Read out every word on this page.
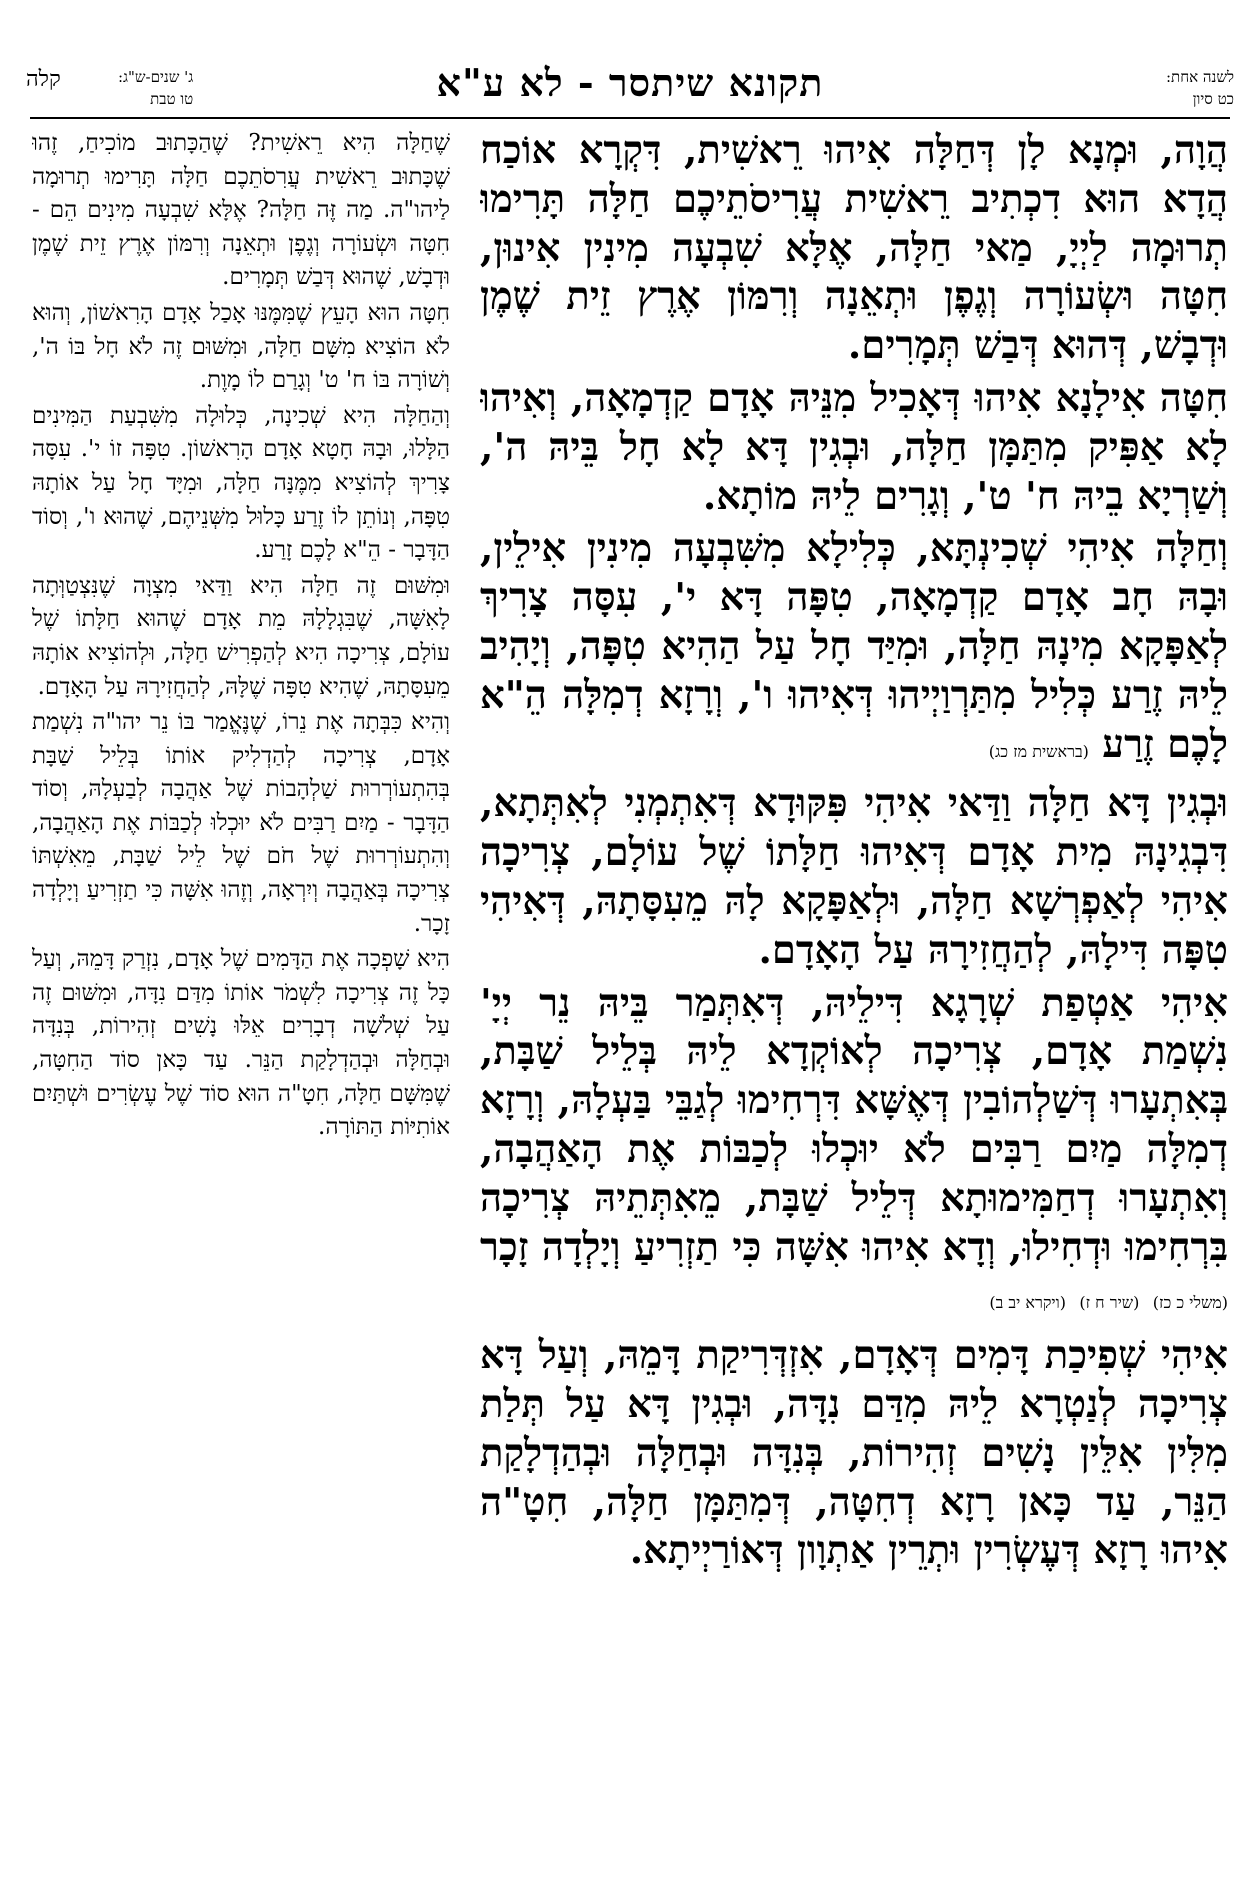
לשנה אחת:
כט סיון
תקונא שיתסר - לא ע"א
ג' שנים-ש"ג:
טו טבת
קלה

הֲוָה, וּמְנָא לָן דְּחַלָּה אִיהוּ רֵאשִׁית, דִּקְרָא אוֹכַח הֲדָא הוּא דִכְתִיב רֵאשִׁית עֲרִיסֹתֵיכֶם חַלָּה תָּרִימוּ תְרוּמָה לַיְיָ, מַאי חַלָּה, אֶלָּא שִׁבְעָה מִינִין אִינוּן, חִטָּה וּשְׂעוֹרָה וְגֶפֶן וּתְאֵנָה וְרִמּוֹן אֶרֶץ זֵית שֶׁמֶן וּדְבָשׁ, דְּהוּא דְּבַשׁ תְּמָרִים.

חִטָּה אִילָנָא אִיהוּ דְּאָכִיל מִנֵּיהּ אָדָם קַדְמָאָה, וְאִיהוּ לָא אַפִּיק מִתַּמָּן חַלָּה, וּבְגִין דָּא לָא חָל בֵּיהּ ה', וְשַׁרְיָא בֵיהּ ח' ט', וְגָרִים לֵיהּ מוֹתָא.

וְחַלָּה אִיהִי שְׁכִינְתָּא, כְּלִילָא מִשִּׁבְעָה מִינִין אִילֵין, וּבָהּ חָב אָדָם קַדְמָאָה, טִפָּה דָּא י', עִסָּה צָרִיךְ לְאַפָּקָא מִינָהּ חַלָּה, וּמִיַּד חָל עַל הַהִיא טִפָּה, וְיָהִיב לֵיהּ זֶרַע כְּלִיל מִתַּרְוַיְיהוּ דְּאִיהוּ ו', וְרָזָא דְמִלָּה הֵ"א לָכֶם זֶרַע (בראשית מז כג)

וּבְגִין דָּא חַלָּה וַדַּאי אִיהִי פִּקּוּדָא דְּאִתְמְנִי לְאִתְּתָא, דִּבְגִינָהּ מִית אָדָם דְּאִיהוּ חַלָּתוֹ שֶׁל עוֹלָם, צְרִיכָה אִיהִי לְאַפְרְשָׁא חַלָּה, וּלְאַפָּקָא לָהּ מֵעִסָּתָהּ, דְּאִיהִי טִפָּה דִּילָהּ, לְהַחֲזִירָהּ עַל הָאָדָם.

אִיהִי אַטְפַת שְׁרָגָא דִּילֵיהּ, דְּאִתְּמַר בֵּיהּ נֵר יְיָ' נִשְׁמַת אָדָם, צְרִיכָה לְאוֹקְדָא לֵיהּ בְּלֵיל שַׁבָּת, בְּאִתְעָרוּ דְּשַׁלְהוֹבִין דְּאֶשָּׁא דִּרְחִימוּ לְגַבֵּי בַּעְלָהּ, וְרָזָא דְמִלָּה מַיִם רַבִּים לֹא יוּכְלוּ לְכַבּוֹת אֶת הָאַהֲבָה, וְאִתְעָרוּ דְחַמִּימוּתָא דְּלֵיל שַׁבָּת, מֵאִתְּתֵיהּ צְרִיכָה בִּרְחִימוּ וּדְחִילוּ, וְדָא אִיהוּ אִשָּׁה כִּי תַזְרִיעַ וְיָלְדָה זָכָר (משלי כ כז) (שיר ח ז) (ויקרא יב ב)

אִיהִי שְׁפִיכַת דָּמִים דְּאָדָם, אִזְדְּרִיקַת דָּמֵהּ, וְעַל דָּא צְרִיכָה לְנַטְרָא לֵיהּ מִדַּם נִדָּה, וּבְגִין דָּא עַל תְּלַת מִלִּין אִלֵּין נָשִׁים זְהִירוֹת, בְּנִדָּה וּבְחַלָּה וּבְהַדְלָקַת הַנֵּר, עַד כָּאן רָזָא דְחִטָּה, דְּמִתַּמָּן חַלָּה, חִטָ"ה אִיהוּ רָזָא דְּעֶשְׂרִין וּתְרֵין אַתְוָון דְּאוֹרַיְיתָא.

שֶׁחַלָּה הִיא רֵאשִׁית? שֶׁהַכָּתוּב מוֹכִיחַ, זֶהוּ שֶׁכָּתוּב רֵאשִׁית עֲרִסֹתֵכֶם חַלָּה תָּרִימוּ תְרוּמָה לַיהו"ה. מַה זֶּה חַלָּה? אֶלָּא שִׁבְעָה מִינִים הֵם - חִטָּה וּשְׂעוֹרָה וְגֶפֶן וּתְאֵנָה וְרִמּוֹן אֶרֶץ זֵית שֶׁמֶן וּדְבָשׁ, שֶׁהוּא דְּבַשׁ תְּמָרִים.

חִטָּה הוּא הָעֵץ שֶׁמִּמֶּנּוּ אָכַל אָדָם הָרִאשׁוֹן, וְהוּא לֹא הוֹצִיא מִשָּׁם חַלָּה, וּמִשּׁוּם זֶה לֹא חָל בּוֹ ה', וְשׁוֹרָה בּוֹ ח' ט' וְגָרַם לוֹ מָוֶת.

וְהַחַלָּה הִיא שְׁכִינָה, כְּלוּלָה מִשִּׁבְעַת הַמִּינִים הַלָּלוּ, וּבָהּ חָטָא אָדָם הָרִאשׁוֹן. טִפָּה זוֹ י'. עִסָּה צָרִיךְ לְהוֹצִיא מִמֶּנָּה חַלָּה, וּמִיָּד חָל עַל אוֹתָהּ טִפָּה, וְנוֹתֵן לוֹ זֶרַע כָּלוּל מִשְּׁנֵיהֶם, שֶׁהוּא ו', וְסוֹד הַדָּבָר - הֵ"א לָכֶם זָרַע.

וּמִשּׁוּם זֶה חַלָּה הִיא וַדַּאי מִצְוָה שֶׁנִּצְטַוְּתָה לָאִשָּׁה, שֶׁבִּגְלָלָהּ מֵת אָדָם שֶׁהוּא חַלָּתוֹ שֶׁל עוֹלָם, צְרִיכָה הִיא לְהַפְרִישׁ חַלָּה, וּלְהוֹצִיא אוֹתָהּ מֵעִסָּתָהּ, שֶׁהִיא טִפָּה שֶׁלָּהּ, לְהַחֲזִירָהּ עַל הָאָדָם.

וְהִיא כִּבְּתָה אֶת נֵרוֹ, שֶׁנֶּאֱמַר בּוֹ נֵר יהו"ה נִשְׁמַת אָדָם, צְרִיכָה לְהַדְלִיק אוֹתוֹ בְּלֵיל שַׁבָּת בְּהִתְעוֹרְרוּת שַׁלְהָבוֹת שֶׁל אַהֲבָה לְבַעְלָהּ, וְסוֹד הַדָּבָר - מַיִם רַבִּים לֹא יוּכְלוּ לְכַבּוֹת אֶת הָאַהֲבָה, וְהִתְעוֹרְרוּת שֶׁל חֹם שֶׁל לֵיל שַׁבָּת, מֵאִשְׁתּוֹ צְרִיכָה בְּאַהֲבָה וְיִרְאָה, וְזֶהוּ אִשָּׁה כִּי תַזְרִיעַ וְיָלְדָה זָכָר.

הִיא שָׁפְכָה אֶת הַדָּמִים שֶׁל אָדָם, נִזְרַק דָּמֵהּ, וְעַל כָּל זֶה צְרִיכָה לִשְׁמֹר אוֹתוֹ מִדַּם נִדָּה, וּמִשּׁוּם זֶה עַל שְׁלֹשָׁה דְבָרִים אֵלּוּ נָשִׁים זְהִירוֹת, בְּנִדָּה וּבְחַלָּה וּבְהַדְלָקַת הַנֵּר. עַד כָּאן סוֹד הַחִטָּה, שֶׁמִּשָּׁם חַלָּה, חִטָ"ה הוּא סוֹד שֶׁל עֶשְׂרִים וּשְׁתַּיִם אוֹתִיּוֹת הַתּוֹרָה.
